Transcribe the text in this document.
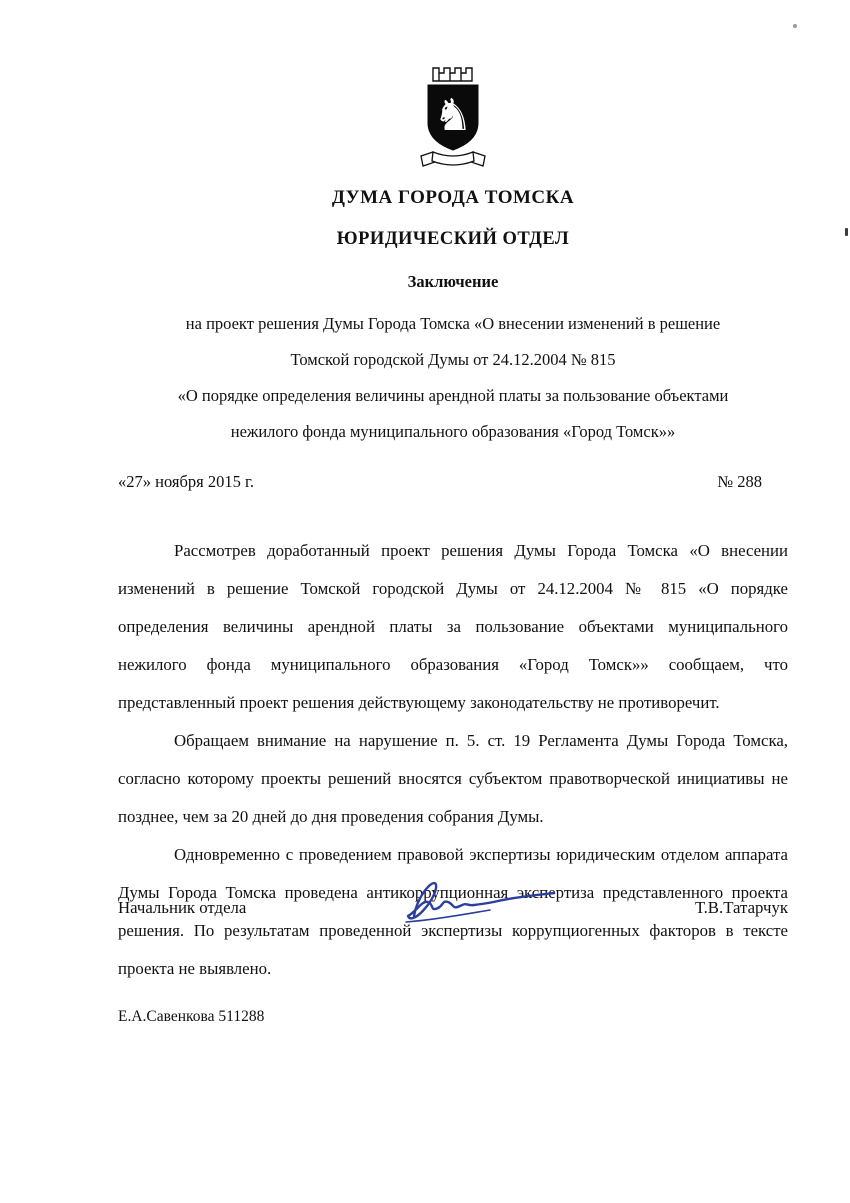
♞
ДУМА ГОРОДА ТОМСКА
ЮРИДИЧЕСКИЙ ОТДЕЛ
Заключение
на проект решения Думы Города Томска «О внесении изменений в решение
Томской городской Думы от 24.12.2004 № 815
«О порядке определения величины арендной платы за пользование объектами
нежилого фонда муниципального образования «Город Томск»»
«27» ноября 2015 г.	№ 288

Рассмотрев доработанный проект решения Думы Города Томска «О внесении изменений в решение Томской городской Думы от 24.12.2004 № 815 «О порядке определения величины арендной платы за пользование объектами муниципального нежилого фонда муниципального образования «Город Томск»» сообщаем, что представленный проект решения действующему законодательству не противоречит.

Обращаем внимание на нарушение п. 5. ст. 19 Регламента Думы Города Томска, согласно которому проекты решений вносятся субъектом правотворческой инициативы не позднее, чем за 20 дней до дня проведения собрания Думы.

Одновременно с проведением правовой экспертизы юридическим отделом аппарата Думы Города Томска проведена антикоррупционная экспертиза представленного проекта решения. По результатам проведенной экспертизы коррупциогенных факторов в тексте проекта не выявлено.

Начальник отдела	Т.В.Татарчук
Е.А.Савенкова 511288
